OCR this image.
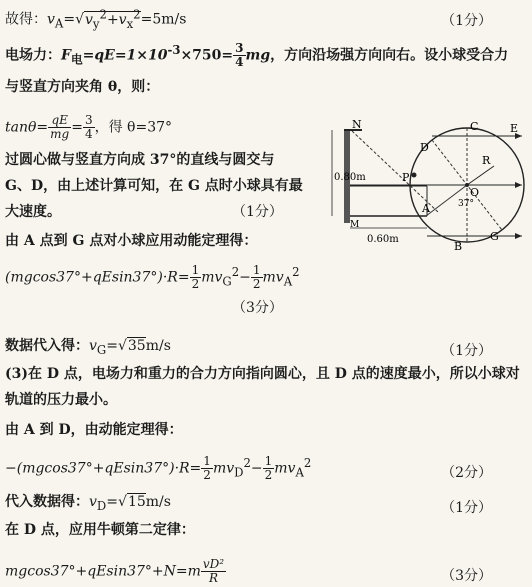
故得：$v_A=√v_y^2+v_x^2=5m/s$	（1分）
电场力：$F_电=qE=1\times 10^{-3}\times 750= \frac{3}{4}$ mg，方向沿场强方向向右。设小球受合力
与竖直方向夹角 θ，则：
$\tan\theta= \frac{qE}{mg} = \frac{3}{4}$ ，得 θ=37°
过圆心做与竖直方向成 37°的直线与圆交与
G、D，由上述计算可知，在 G 点时小球具有最
大速度。	（1分）
由 A 点到 G 点对小球应用动能定理得：
$(mgcos37^\circ+qEsin37^\circ)\cdot R= \frac{1}{2} mv_G^2- \frac{1}{2} mv_A^2$
（3分）
数据代入得：$v_G=√35m/s$	（1分）
(3)在 D 点，电场力和重力的合力方向指向圆心，且 D 点的速度最小，所以小球对
轨道的压力最小。
由 A 到 D，由动能定理得：
$-(mgcos37^\circ+qEsin37^\circ)\cdot R= \frac{1}{2} mv_D^2- \frac{1}{2} mv_A^2$
（2分）
代入数据得：$v_D=√15m/s$	（1分）
在 D 点，应用牛顿第二定律：
$mgcos37^\circ+qEsin37^\circ+N=m \frac{\text{vD²}}{R}$	（3分）
N	C	E
D
R
P
O
A
B
G
M
37°
0.80m
0.60m
